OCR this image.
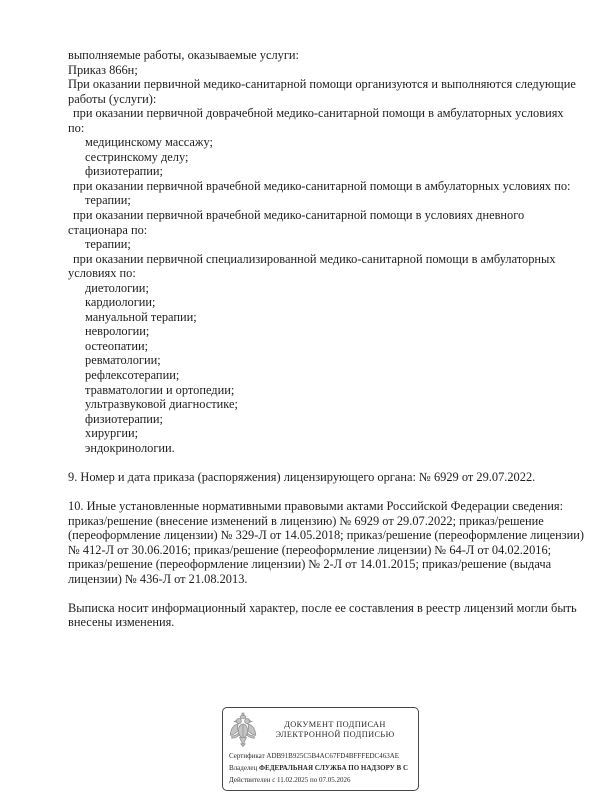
выполняемые работы, оказываемые услуги:
Приказ 866н;
При оказании первичной медико-санитарной помощи организуются и выполняются следующие
работы (услуги):
при оказании первичной доврачебной медико-санитарной помощи в амбулаторных условиях
по:
медицинскому массажу;
сестринскому делу;
физиотерапии;
при оказании первичной врачебной медико-санитарной помощи в амбулаторных условиях по:
терапии;
при оказании первичной врачебной медико-санитарной помощи в условиях дневного
стационара по:
терапии;
при оказании первичной специализированной медико-санитарной помощи в амбулаторных
условиях по:
диетологии;
кардиологии;
мануальной терапии;
неврологии;
остеопатии;
ревматологии;
рефлексотерапии;
травматологии и ортопедии;
ультразвуковой диагностике;
физиотерапии;
хирургии;
эндокринологии.

9. Номер и дата приказа (распоряжения) лицензирующего органа: № 6929 от 29.07.2022.

10. Иные установленные нормативными правовыми актами Российской Федерации сведения:
приказ/решение (внесение изменений в лицензию) № 6929 от 29.07.2022; приказ/решение
(переоформление лицензии) № 329-Л от 14.05.2018; приказ/решение (переоформление лицензии)
№ 412-Л от 30.06.2016; приказ/решение (переоформление лицензии) № 64-Л от 04.02.2016;
приказ/решение (переоформление лицензии) № 2-Л от 14.01.2015; приказ/решение (выдача
лицензии) № 436-Л от 21.08.2013.

Выписка носит информационный характер, после ее составления в реестр лицензий могли быть
внесены изменения.
ДОКУМЕНТ ПОДПИСАН
ЭЛЕКТРОННОЙ ПОДПИСЬЮ
Сертификат ADB91B925C5B4AC67FD4BFFFEDC463AE
Владелец ФЕДЕРАЛЬНАЯ СЛУЖБА ПО НАДЗОРУ В С
Действителен с 11.02.2025 по 07.05.2026
